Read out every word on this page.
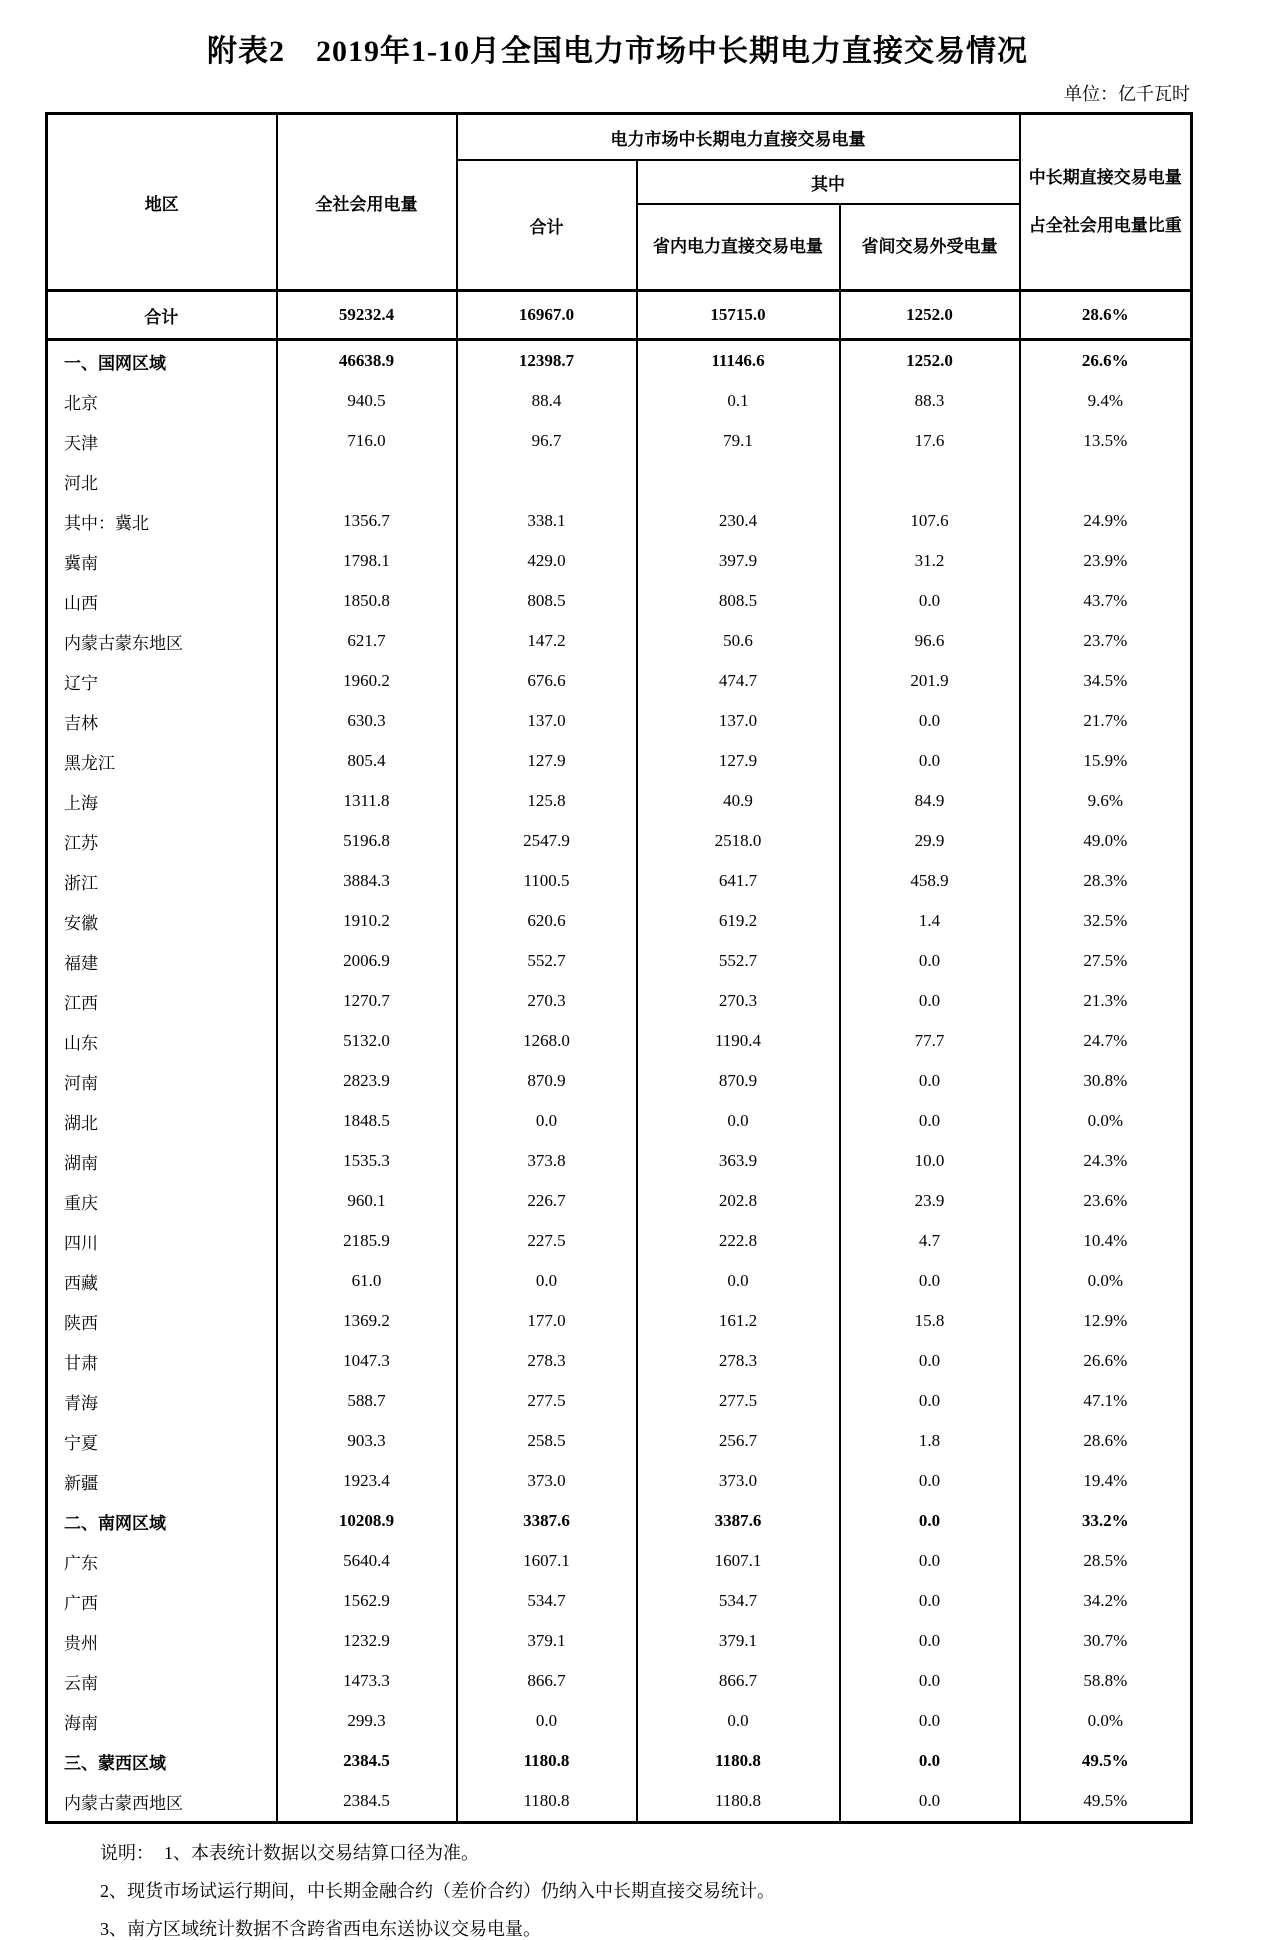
附表2　2019年1-10月全国电力市场中长期电力直接交易情况
单位：亿千瓦时
地区	全社会用电量	电力市场中长期电力直接交易电量			中长期直接交易电量占全社会用电量比重
		合计	其中		
			省内电力直接交易电量	省间交易外受电量	
合计	59232.4	16967.0	15715.0	1252.0	28.6%
一、国网区域	46638.9	12398.7	11146.6	1252.0	26.6%
北京	940.5	88.4	0.1	88.3	9.4%
天津	716.0	96.7	79.1	17.6	13.5%
河北					
其中：冀北	1356.7	338.1	230.4	107.6	24.9%
冀南	1798.1	429.0	397.9	31.2	23.9%
山西	1850.8	808.5	808.5	0.0	43.7%
内蒙古蒙东地区	621.7	147.2	50.6	96.6	23.7%
辽宁	1960.2	676.6	474.7	201.9	34.5%
吉林	630.3	137.0	137.0	0.0	21.7%
黑龙江	805.4	127.9	127.9	0.0	15.9%
上海	1311.8	125.8	40.9	84.9	9.6%
江苏	5196.8	2547.9	2518.0	29.9	49.0%
浙江	3884.3	1100.5	641.7	458.9	28.3%
安徽	1910.2	620.6	619.2	1.4	32.5%
福建	2006.9	552.7	552.7	0.0	27.5%
江西	1270.7	270.3	270.3	0.0	21.3%
山东	5132.0	1268.0	1190.4	77.7	24.7%
河南	2823.9	870.9	870.9	0.0	30.8%
湖北	1848.5	0.0	0.0	0.0	0.0%
湖南	1535.3	373.8	363.9	10.0	24.3%
重庆	960.1	226.7	202.8	23.9	23.6%
四川	2185.9	227.5	222.8	4.7	10.4%
西藏	61.0	0.0	0.0	0.0	0.0%
陕西	1369.2	177.0	161.2	15.8	12.9%
甘肃	1047.3	278.3	278.3	0.0	26.6%
青海	588.7	277.5	277.5	0.0	47.1%
宁夏	903.3	258.5	256.7	1.8	28.6%
新疆	1923.4	373.0	373.0	0.0	19.4%
二、南网区域	10208.9	3387.6	3387.6	0.0	33.2%
广东	5640.4	1607.1	1607.1	0.0	28.5%
广西	1562.9	534.7	534.7	0.0	34.2%
贵州	1232.9	379.1	379.1	0.0	30.7%
云南	1473.3	866.7	866.7	0.0	58.8%
海南	299.3	0.0	0.0	0.0	0.0%
三、蒙西区域	2384.5	1180.8	1180.8	0.0	49.5%
内蒙古蒙西地区	2384.5	1180.8	1180.8	0.0	49.5%
说明： 1、本表统计数据以交易结算口径为准。
2、现货市场试运行期间，中长期金融合约（差价合约）仍纳入中长期直接交易统计。
3、南方区域统计数据不含跨省西电东送协议交易电量。
